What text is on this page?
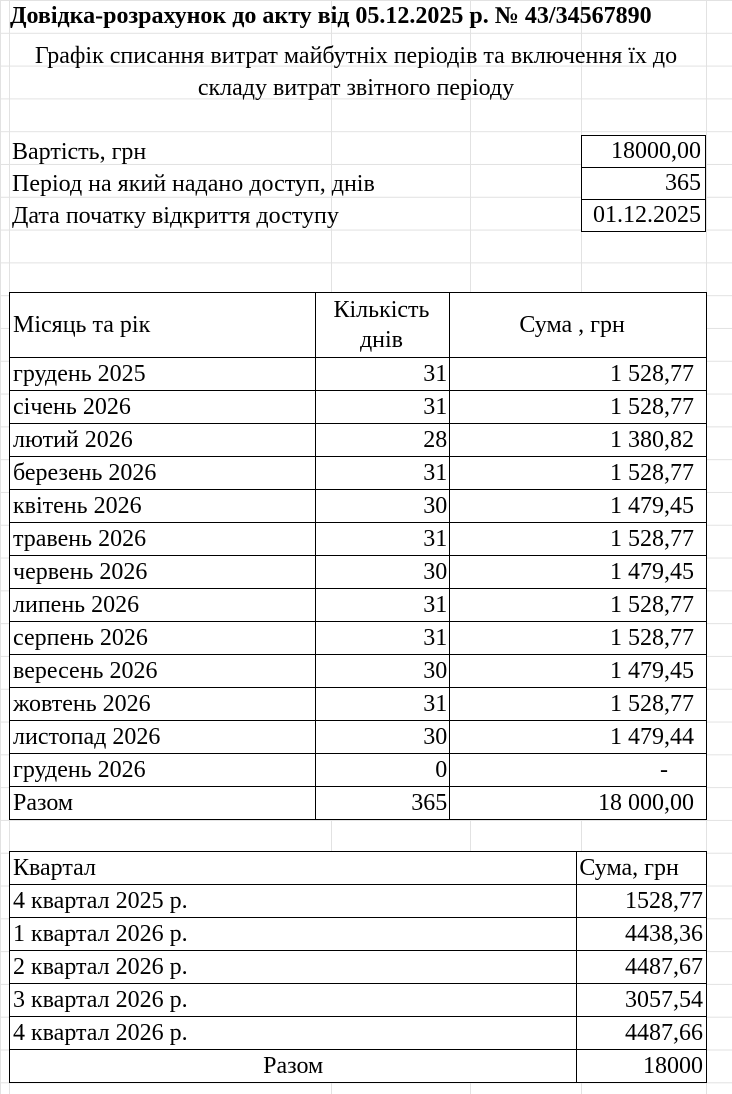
Довідка-розрахунок до акту від 05.12.2025 р. № 43/34567890
Графік списання витрат майбутніх періодів та включення їх до складу витрат звітного періоду
Вартість, грн	18000,00
Період на який надано доступ, днів	365
Дата початку відкриття доступу	01.12.2025
Місяць та рік	Кількість днів	Сума , грн
грудень 2025	31	1 528,77
січень 2026	31	1 528,77
лютий 2026	28	1 380,82
березень 2026	31	1 528,77
квітень 2026	30	1 479,45
травень 2026	31	1 528,77
червень 2026	30	1 479,45
липень 2026	31	1 528,77
серпень 2026	31	1 528,77
вересень 2026	30	1 479,45
жовтень 2026	31	1 528,77
листопад 2026	30	1 479,44
грудень 2026	0	-
Разом	365	18 000,00
Квартал	Сума, грн
4 квартал 2025 р.	1528,77
1 квартал 2026 р.	4438,36
2 квартал 2026 р.	4487,67
3 квартал 2026 р.	3057,54
4 квартал 2026 р.	4487,66
Разом	18000
